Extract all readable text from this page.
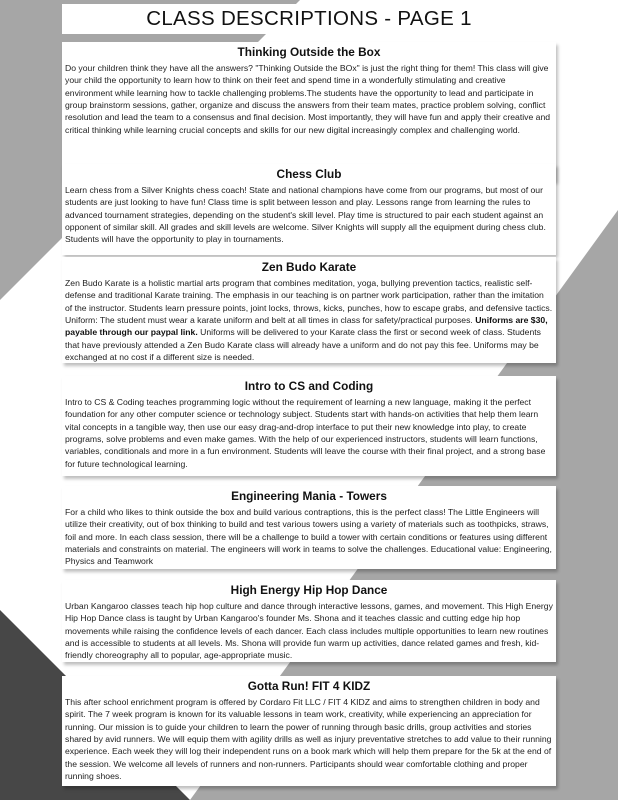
CLASS DESCRIPTIONS - PAGE 1
Thinking Outside the Box

Do your children think they have all the answers? "Thinking Outside the BOx" is just the right thing for them! This class will give your child the opportunity to learn how to think on their feet and spend time in a wonderfully stimulating and creative environment while learning how to tackle challenging problems.The students have the opportunity to lead and participate in group brainstorm sessions, gather, organize and discuss the answers from their team mates, practice problem solving, conflict resolution and lead the team to a consensus and final decision. Most importantly, they will have fun and apply their creative and critical thinking while learning crucial concepts and skills for our new digital increasingly complex and challenging world.

Chess Club

Learn chess from a Silver Knights chess coach! State and national champions have come from our programs, but most of our students are just looking to have fun! Class time is split between lesson and play. Lessons range from learning the rules to advanced tournament strategies, depending on the student's skill level. Play time is structured to pair each student against an opponent of similar skill. All grades and skill levels are welcome. Silver Knights will supply all the equipment during chess club. Students will have the opportunity to play in tournaments.

Zen Budo Karate

Zen Budo Karate is a holistic martial arts program that combines meditation, yoga, bullying prevention tactics, realistic self-defense and traditional Karate training. The emphasis in our teaching is on partner work participation, rather than the imitation of the instructor. Students learn pressure points, joint locks, throws, kicks, punches, how to escape grabs, and defensive tactics. Uniform: The student must wear a karate uniform and belt at all times in class for safety/practical purposes. Uniforms are $30, payable through our paypal link. Uniforms will be delivered to your Karate class the first or second week of class. Students that have previously attended a Zen Budo Karate class will already have a uniform and do not pay this fee. Uniforms may be exchanged at no cost if a different size is needed.

Intro to CS and Coding

Intro to CS & Coding teaches programming logic without the requirement of learning a new language, making it the perfect foundation for any other computer science or technology subject. Students start with hands-on activities that help them learn vital concepts in a tangible way, then use our easy drag-and-drop interface to put their new knowledge into play, to create programs, solve problems and even make games. With the help of our experienced instructors, students will learn functions, variables, conditionals and more in a fun environment. Students will leave the course with their final project, and a strong base for future technological learning.

Engineering Mania - Towers

For a child who likes to think outside the box and build various contraptions, this is the perfect class! The Little Engineers will utilize their creativity, out of box thinking to build and test various towers using a variety of materials such as toothpicks, straws, foil and more. In each class session, there will be a challenge to build a tower with certain conditions or features using different materials and constraints on material. The engineers will work in teams to solve the challenges. Educational value: Engineering, Physics and Teamwork

High Energy Hip Hop Dance

Urban Kangaroo classes teach hip hop culture and dance through interactive lessons, games, and movement. This High Energy Hip Hop Dance class is taught by Urban Kangaroo's founder Ms. Shona and it teaches classic and cutting edge hip hop movements while raising the confidence levels of each dancer. Each class includes multiple opportunities to learn new routines and is accessible to students at all levels. Ms. Shona will provide fun warm up activities, dance related games and fresh, kid-friendly choreography all to popular, age-appropriate music.

Gotta Run! FIT 4 KIDZ

This after school enrichment program is offered by Cordaro Fit LLC / FIT 4 KIDZ and aims to strengthen children in body and spirit. The 7 week program is known for its valuable lessons in team work, creativity, while experiencing an appreciation for running. Our mission is to guide your children to learn the power of running through basic drills, group activities and stories shared by avid runners. We will equip them with agility drills as well as injury preventative stretches to add value to their running experience. Each week they will log their independent runs on a book mark which will help them prepare for the 5k at the end of the session. We welcome all levels of runners and non-runners. Participants should wear comfortable clothing and proper running shoes.
